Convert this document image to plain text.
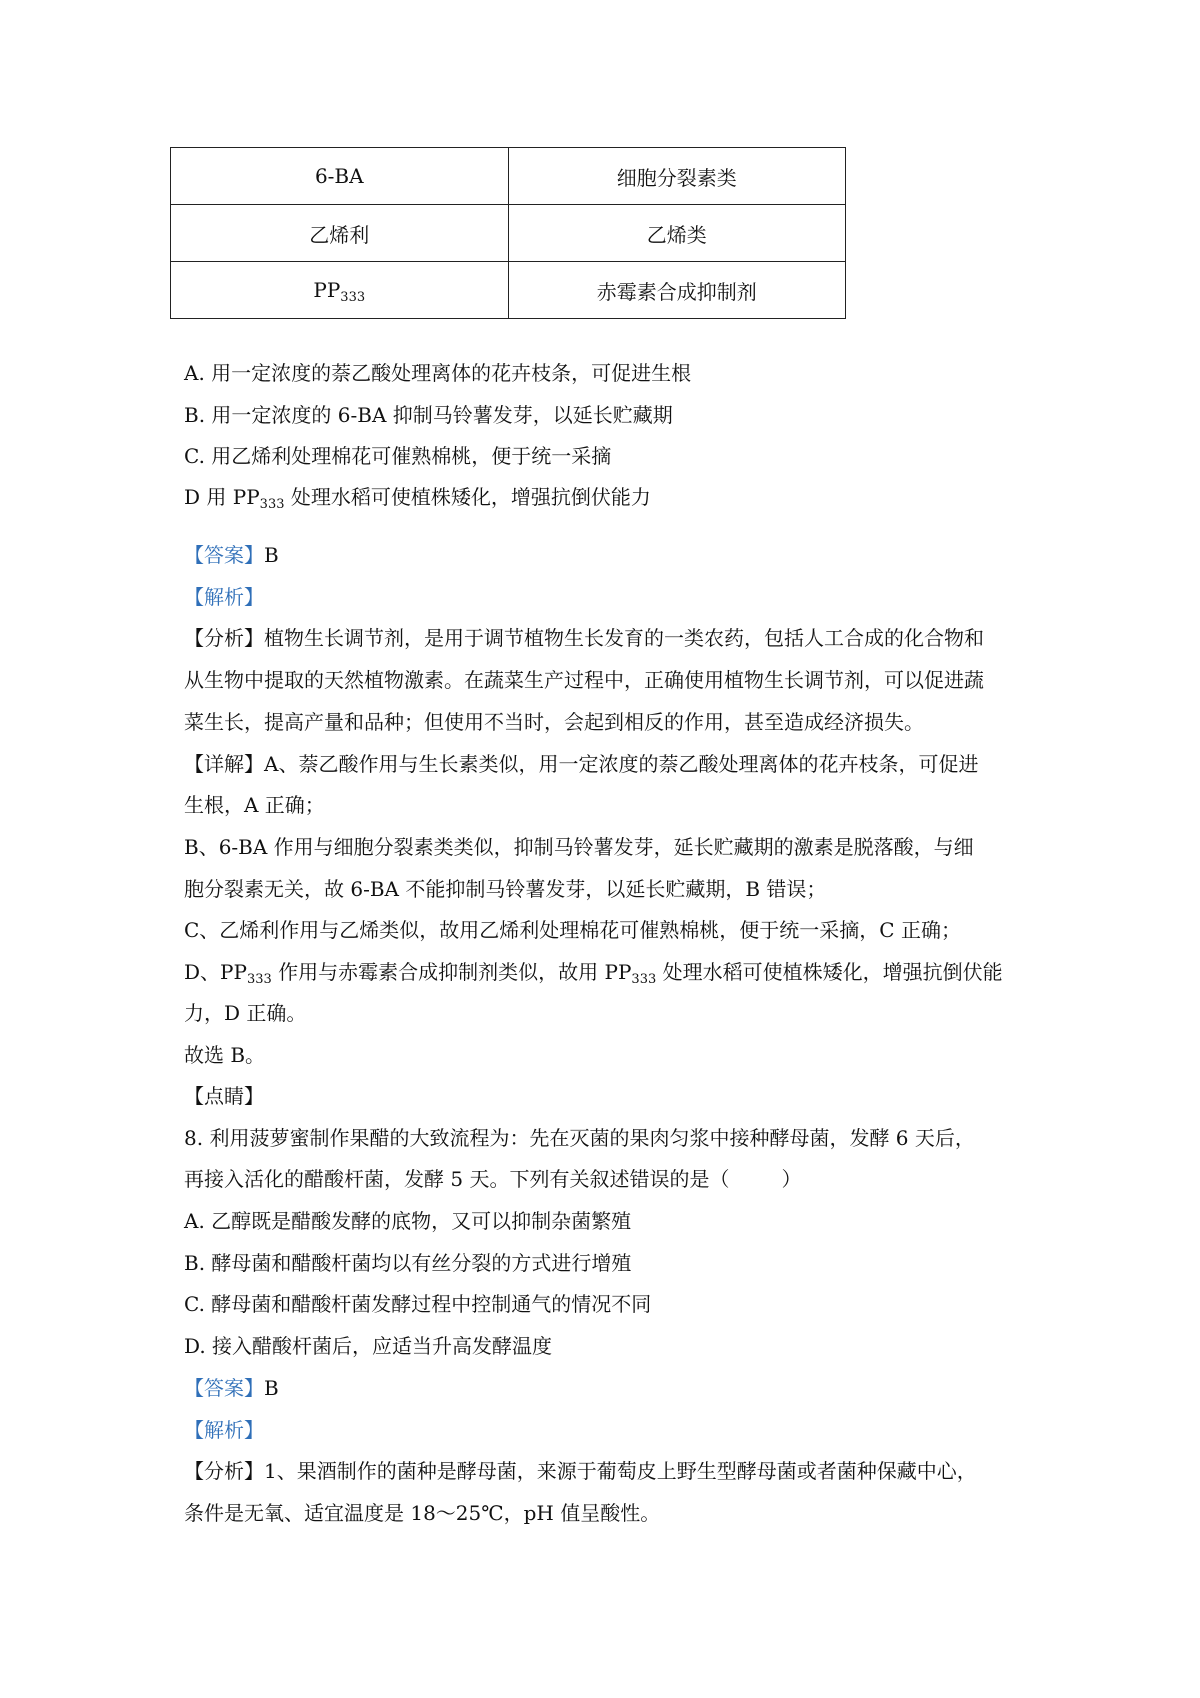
6-BA	细胞分裂素类
乙烯利	乙烯类
$PP_{333}$	赤霉素合成抑制剂
A. 用一定浓度的萘乙酸处理离体的花卉枝条，可促进生根
B. 用一定浓度的 6-BA 抑制马铃薯发芽，以延长贮藏期
C. 用乙烯利处理棉花可催熟棉桃，便于统一采摘
D 用 $PP_{333}$ 处理水稻可使植株矮化，增强抗倒伏能力
【答案】B
【解析】
【分析】植物生长调节剂，是用于调节植物生长发育的一类农药，包括人工合成的化合物和
从生物中提取的天然植物激素。在蔬菜生产过程中，正确使用植物生长调节剂，可以促进蔬
菜生长，提高产量和品种；但使用不当时，会起到相反的作用，甚至造成经济损失。
【详解】A、萘乙酸作用与生长素类似，用一定浓度的萘乙酸处理离体的花卉枝条，可促进
生根，A 正确；
B、6-BA 作用与细胞分裂素类类似，抑制马铃薯发芽，延长贮藏期的激素是脱落酸，与细
胞分裂素无关，故 6-BA 不能抑制马铃薯发芽，以延长贮藏期，B 错误；
C、乙烯利作用与乙烯类似，故用乙烯利处理棉花可催熟棉桃，便于统一采摘，C 正确；
D、$PP_{333}$ 作用与赤霉素合成抑制剂类似，故用 $PP_{333}$ 处理水稻可使植株矮化，增强抗倒伏能
力，D 正确。
故选 B。
【点睛】
8. 利用菠萝蜜制作果醋的大致流程为：先在灭菌的果肉匀浆中接种酵母菌，发酵 6 天后，
再接入活化的醋酸杆菌，发酵 5 天。下列有关叙述错误的是（	）
A. 乙醇既是醋酸发酵的底物，又可以抑制杂菌繁殖
B. 酵母菌和醋酸杆菌均以有丝分裂的方式进行增殖
C. 酵母菌和醋酸杆菌发酵过程中控制通气的情况不同
D. 接入醋酸杆菌后，应适当升高发酵温度
【答案】B
【解析】
【分析】1、果酒制作的菌种是酵母菌，来源于葡萄皮上野生型酵母菌或者菌种保藏中心，
条件是无氧、适宜温度是 18～25℃，pH 值呈酸性。
